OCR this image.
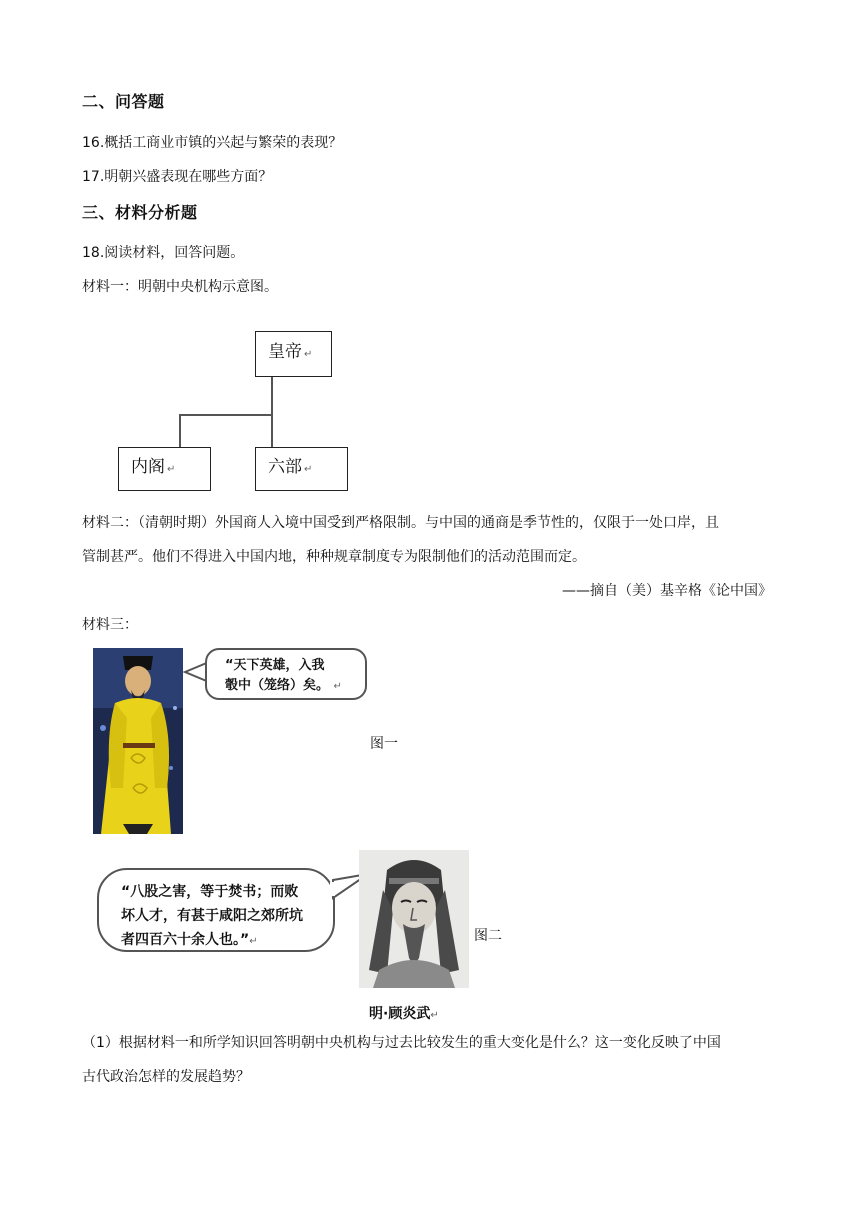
二、问答题
16.概括工商业市镇的兴起与繁荣的表现？
17.明朝兴盛表现在哪些方面？
三、材料分析题
18.阅读材料，回答问题。
材料一：明朝中央机构示意图。
皇帝 ↵
内阁 ↵	六部 ↵
材料二：（清朝时期）外国商人入境中国受到严格限制。与中国的通商是季节性的，仅限于一处口岸，且
管制甚严。他们不得进入中国内地，种种规章制度专为限制他们的活动范围而定。
——摘自（美）基辛格《论中国》
材料三：
“天下英雄，入我
彀中（笼络）矣。 ↵
图一
“八股之害，等于焚书；而败
坏人才，有甚于咸阳之郊所坑
者四百六十余人也。”↵	图二
明·顾炎武↵
（1）根据材料一和所学知识回答明朝中央机构与过去比较发生的重大变化是什么？这一变化反映了中国
古代政治怎样的发展趋势？
